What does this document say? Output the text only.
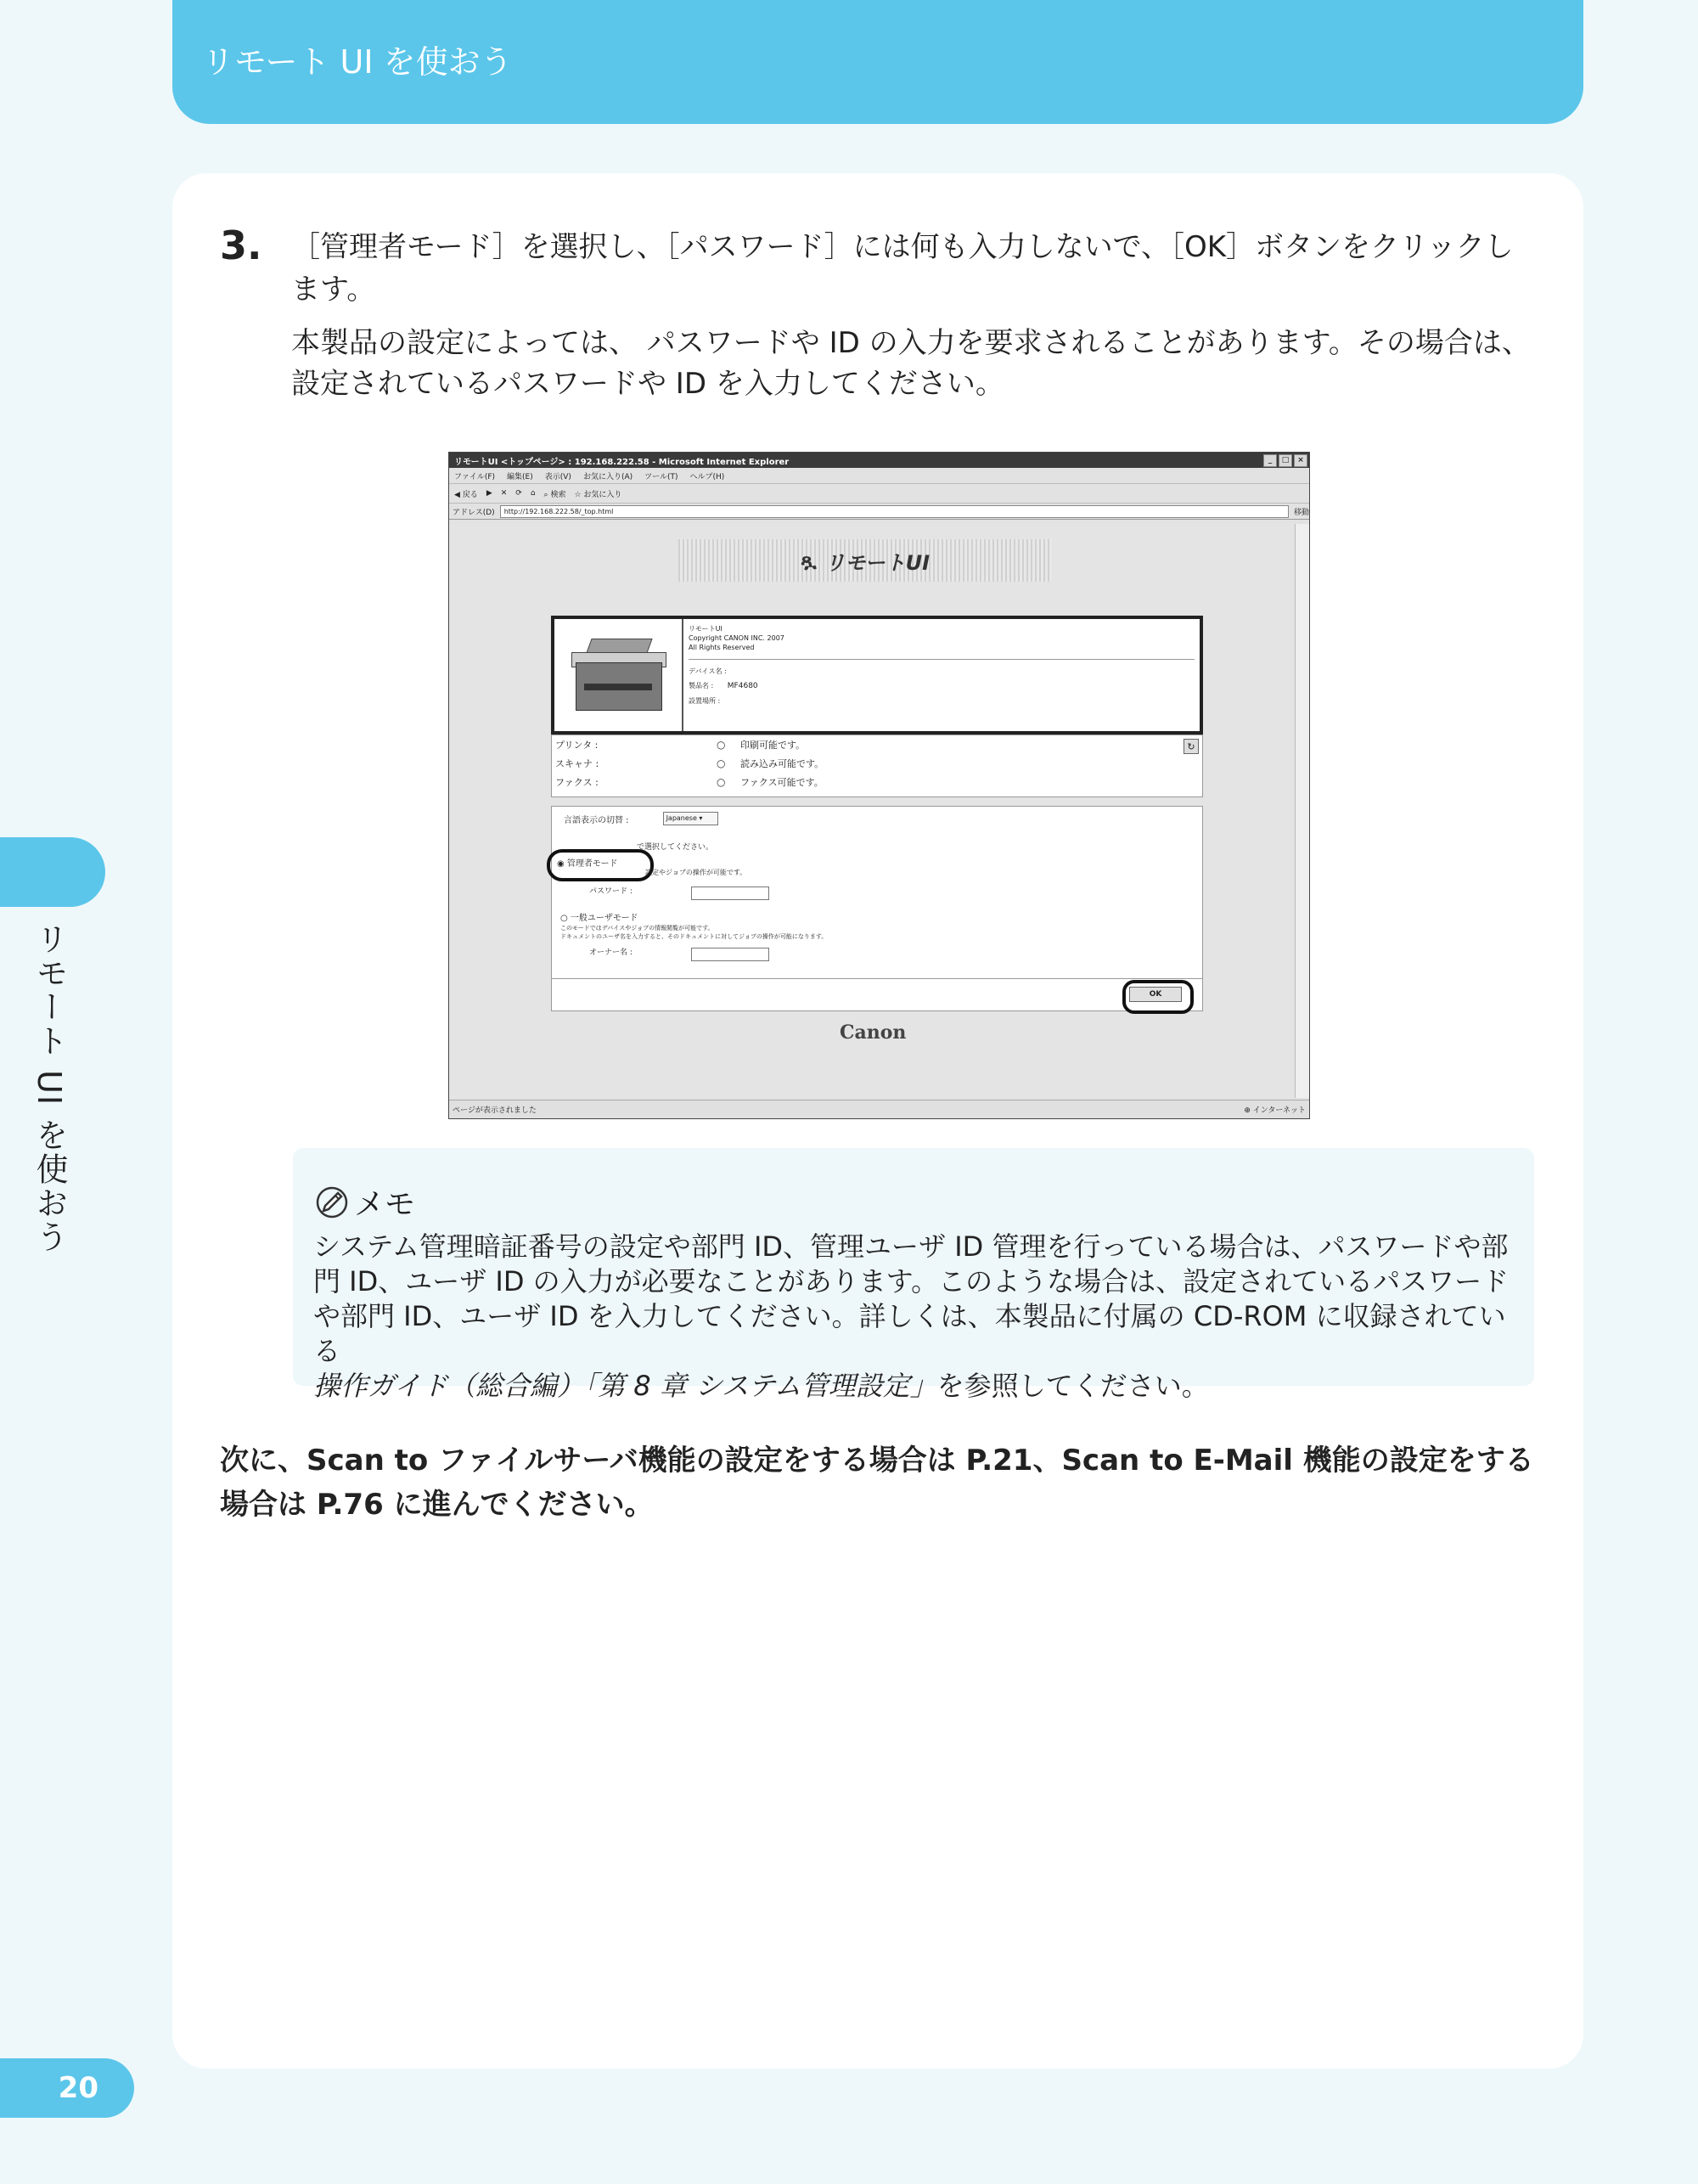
リモート UI を使おう
リモート UI を使おう
20
3. ［管理者モード］を選択し、［パスワード］には何も入力しないで、［OK］ボタンをクリックします。
本製品の設定によっては、 パスワードや ID の入力を要求されることがあります。その場合は、設定されているパスワードや ID を入力してください。
リモートUI <トップページ> : 192.168.222.58 - Microsoft Internet Explorer	_	□	×
ファイル(F) 編集(E) 表示(V) お気に入り(A) ツール(T) ヘルプ(H)
◀ 戻る ▶ ✕ ⟳ ⌂ ⌕ 検索 ☆ お気に入り
アドレス(D)	http://192.168.222.58/_top.html	移動
ጿ リモートUI
リモートUI
Copyright CANON INC. 2007
All Rights Reserved
デバイス名 :
製品名 : MF4680
設置場所 :
プリンタ :	○	印刷可能です。
スキャナ :	○	読み込み可能です。
ファクス :	○	ファクス可能です。
↻
言語表示の切替 :	Japanese ▾
で選択してください。
◉ 管理者モード
設定やジョブの操作が可能です。
パスワード :
○ 一般ユーザモード
このモードではデバイスやジョブの情報閲覧が可能です。
ドキュメントのユーザ名を入力すると、そのドキュメントに対してジョブの操作が可能になります。
オーナー名 :
OK
Canon
ページが表示されました	⊕ インターネット
メモ
システム管理暗証番号の設定や部門 ID、管理ユーザ ID 管理を行っている場合は、パスワードや部門 ID、ユーザ ID の入力が必要なことがあります。このような場合は、設定されているパスワードや部門 ID、ユーザ ID を入力してください。詳しくは、本製品に付属の CD-ROM に収録されている
操作ガイド（総合編）「第 8 章 システム管理設定」を参照してください。
次に、Scan to ファイルサーバ機能の設定をする場合は P.21、Scan to E-Mail 機能の設定をする場合は P.76 に進んでください。
